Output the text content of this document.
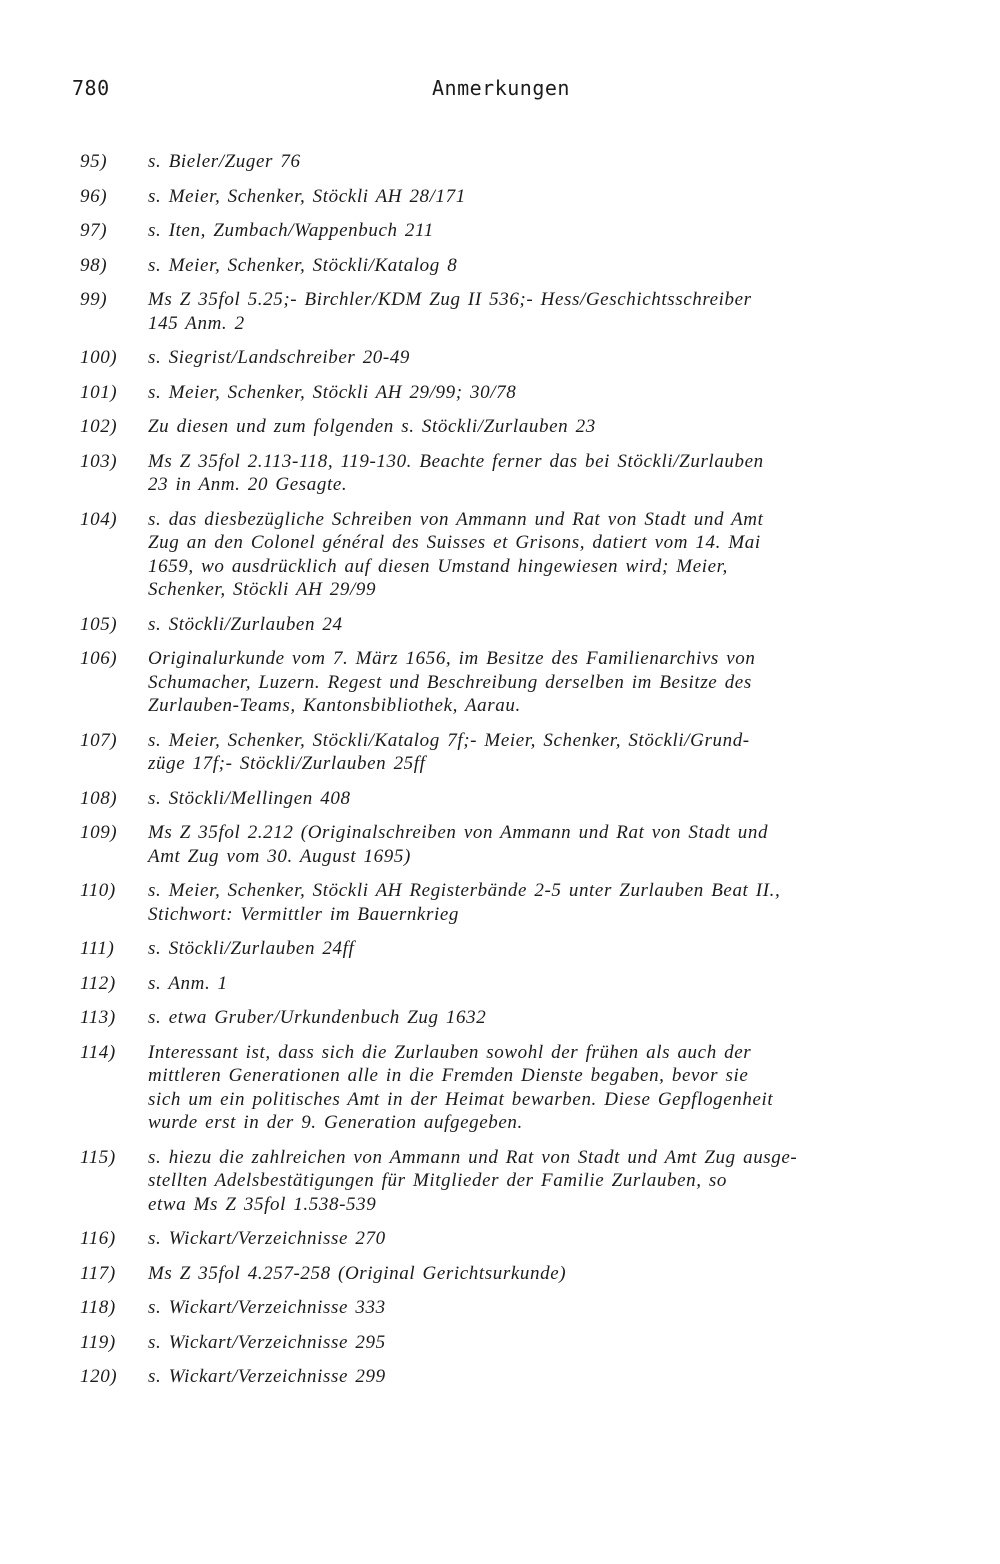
780	Anmerkungen
95)	s. Bieler/Zuger 76
96)	s. Meier, Schenker, Stöckli AH 28/171
97)	s. Iten, Zumbach/Wappenbuch 211
98)	s. Meier, Schenker, Stöckli/Katalog 8
99)	Ms Z 35fol 5.25;- Birchler/KDM Zug II 536;- Hess/Geschichtsschreiber
145 Anm. 2
100)	s. Siegrist/Landschreiber 20-49
101)	s. Meier, Schenker, Stöckli AH 29/99; 30/78
102)	Zu diesen und zum folgenden s. Stöckli/Zurlauben 23
103)	Ms Z 35fol 2.113-118, 119-130. Beachte ferner das bei Stöckli/Zurlauben
23 in Anm. 20 Gesagte.
104)	s. das diesbezügliche Schreiben von Ammann und Rat von Stadt und Amt
Zug an den Colonel général des Suisses et Grisons, datiert vom 14. Mai
1659, wo ausdrücklich auf diesen Umstand hingewiesen wird; Meier,
Schenker, Stöckli AH 29/99
105)	s. Stöckli/Zurlauben 24
106)	Originalurkunde vom 7. März 1656, im Besitze des Familienarchivs von
Schumacher, Luzern. Regest und Beschreibung derselben im Besitze des
Zurlauben-Teams, Kantonsbibliothek, Aarau.
107)	s. Meier, Schenker, Stöckli/Katalog 7f;- Meier, Schenker, Stöckli/Grund-
züge 17f;- Stöckli/Zurlauben 25ff
108)	s. Stöckli/Mellingen 408
109)	Ms Z 35fol 2.212 (Originalschreiben von Ammann und Rat von Stadt und
Amt Zug vom 30. August 1695)
110)	s. Meier, Schenker, Stöckli AH Registerbände 2-5 unter Zurlauben Beat II.,
Stichwort: Vermittler im Bauernkrieg
111)	s. Stöckli/Zurlauben 24ff
112)	s. Anm. 1
113)	s. etwa Gruber/Urkundenbuch Zug 1632
114)	Interessant ist, dass sich die Zurlauben sowohl der frühen als auch der
mittleren Generationen alle in die Fremden Dienste begaben, bevor sie
sich um ein politisches Amt in der Heimat bewarben. Diese Gepflogenheit
wurde erst in der 9. Generation aufgegeben.
115)	s. hiezu die zahlreichen von Ammann und Rat von Stadt und Amt Zug ausge-
stellten Adelsbestätigungen für Mitglieder der Familie Zurlauben, so
etwa Ms Z 35fol 1.538-539
116)	s. Wickart/Verzeichnisse 270
117)	Ms Z 35fol 4.257-258 (Original Gerichtsurkunde)
118)	s. Wickart/Verzeichnisse 333
119)	s. Wickart/Verzeichnisse 295
120)	s. Wickart/Verzeichnisse 299
